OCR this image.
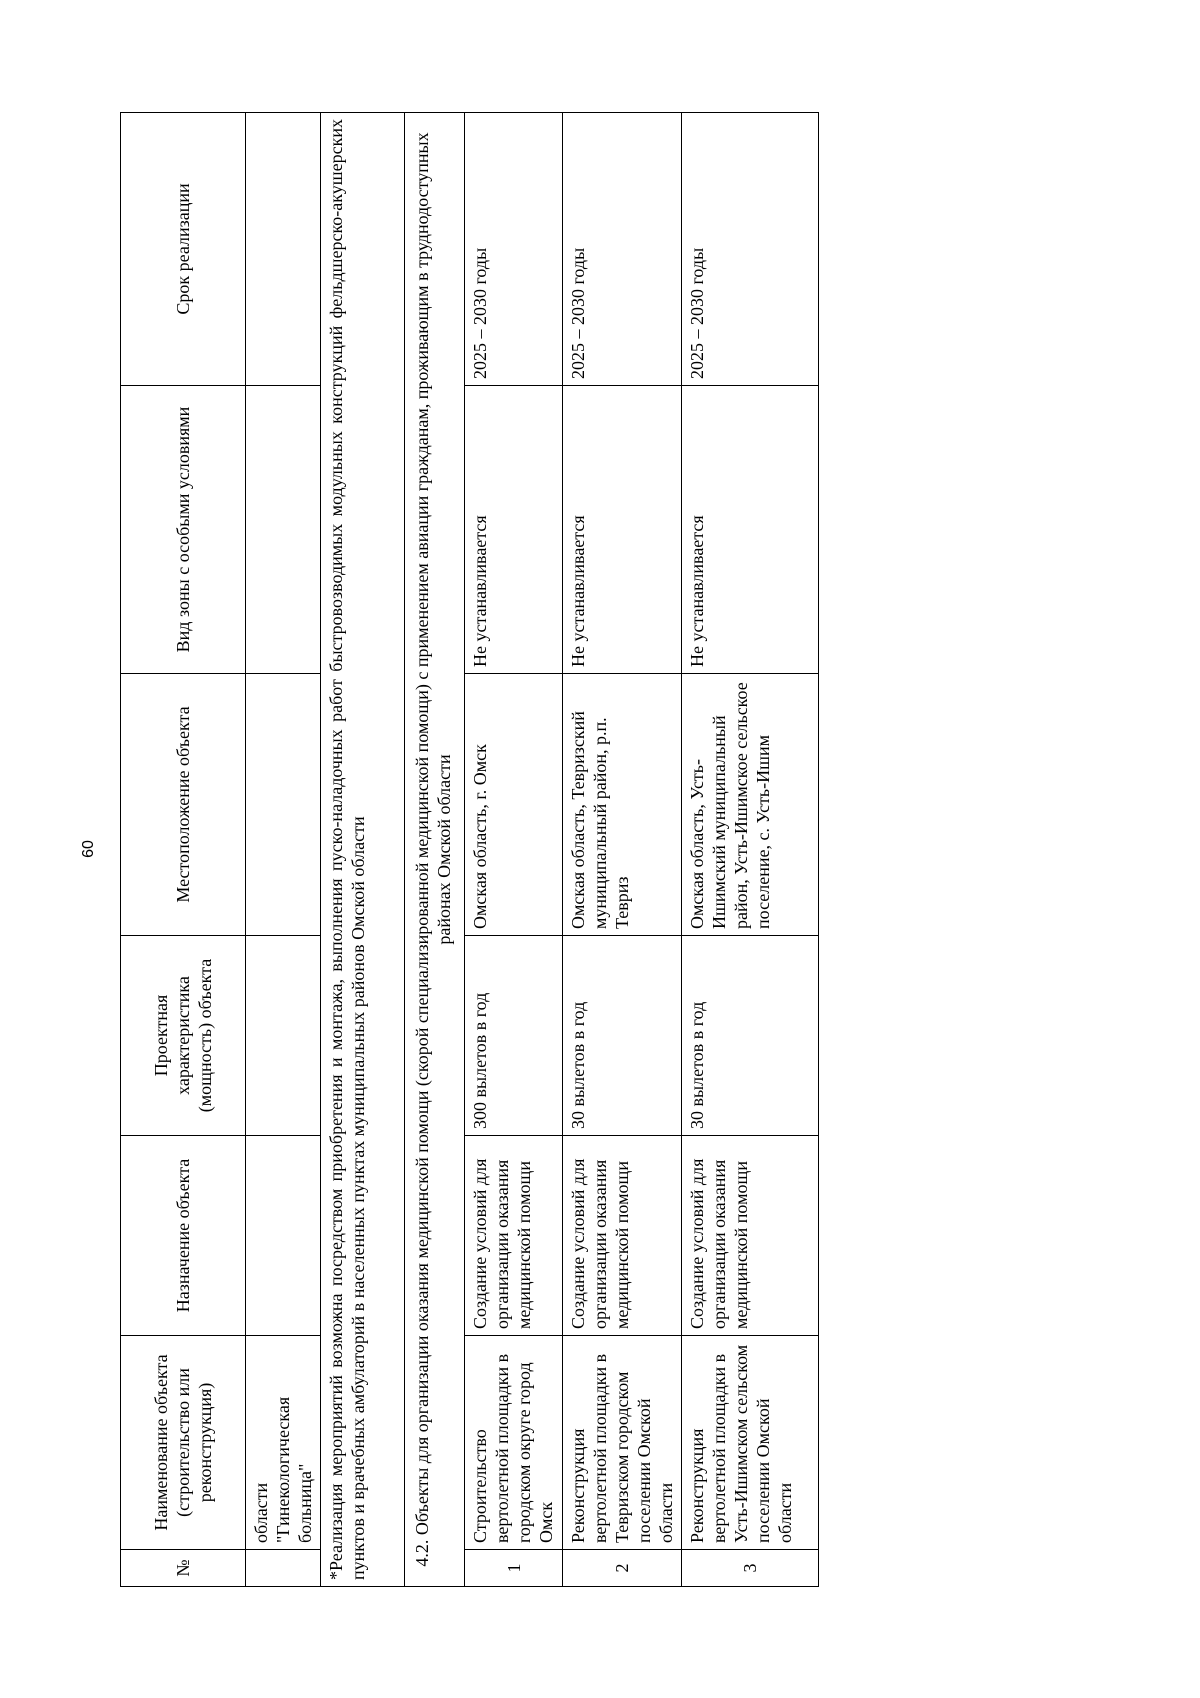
60
№	Наименование объекта (строительство или реконструкция)	Назначение объекта	Проектная характеристика (мощность) объекта	Местоположение объекта	Вид зоны с особыми условиями	Срок реализации
	области "Гинекологическая больница"					
*Реализация мероприятий возможна посредством приобретения и монтажа, выполнения пуско-наладочных работ быстровозводимых модульных конструкций фельдшерско-акушерских пунктов и врачебных амбулаторий в населенных пунктах муниципальных районов Омской области						
4.2. Объекты для организации оказания медицинской помощи (скорой специализированной медицинской помощи) с применением авиации гражданам, проживающим в труднодоступных районах Омской области						
1	Строительство вертолетной площадки в городском округе город Омск	Создание условий для организации оказания медицинской помощи	300 вылетов в год	Омская область, г. Омск	Не устанавливается	2025 – 2030 годы
2	Реконструкция вертолетной площадки в Тевризском городском поселении Омской области	Создание условий для организации оказания медицинской помощи	30 вылетов в год	Омская область, Тевризский муниципальный район, р.п. Тевриз	Не устанавливается	2025 – 2030 годы
3	Реконструкция вертолетной площадки в Усть-Ишимском сельском поселении Омской области	Создание условий для организации оказания медицинской помощи	30 вылетов в год	Омская область, Усть-Ишимский муниципальный район, Усть-Ишимское сельское поселение, с. Усть-Ишим	Не устанавливается	2025 – 2030 годы
